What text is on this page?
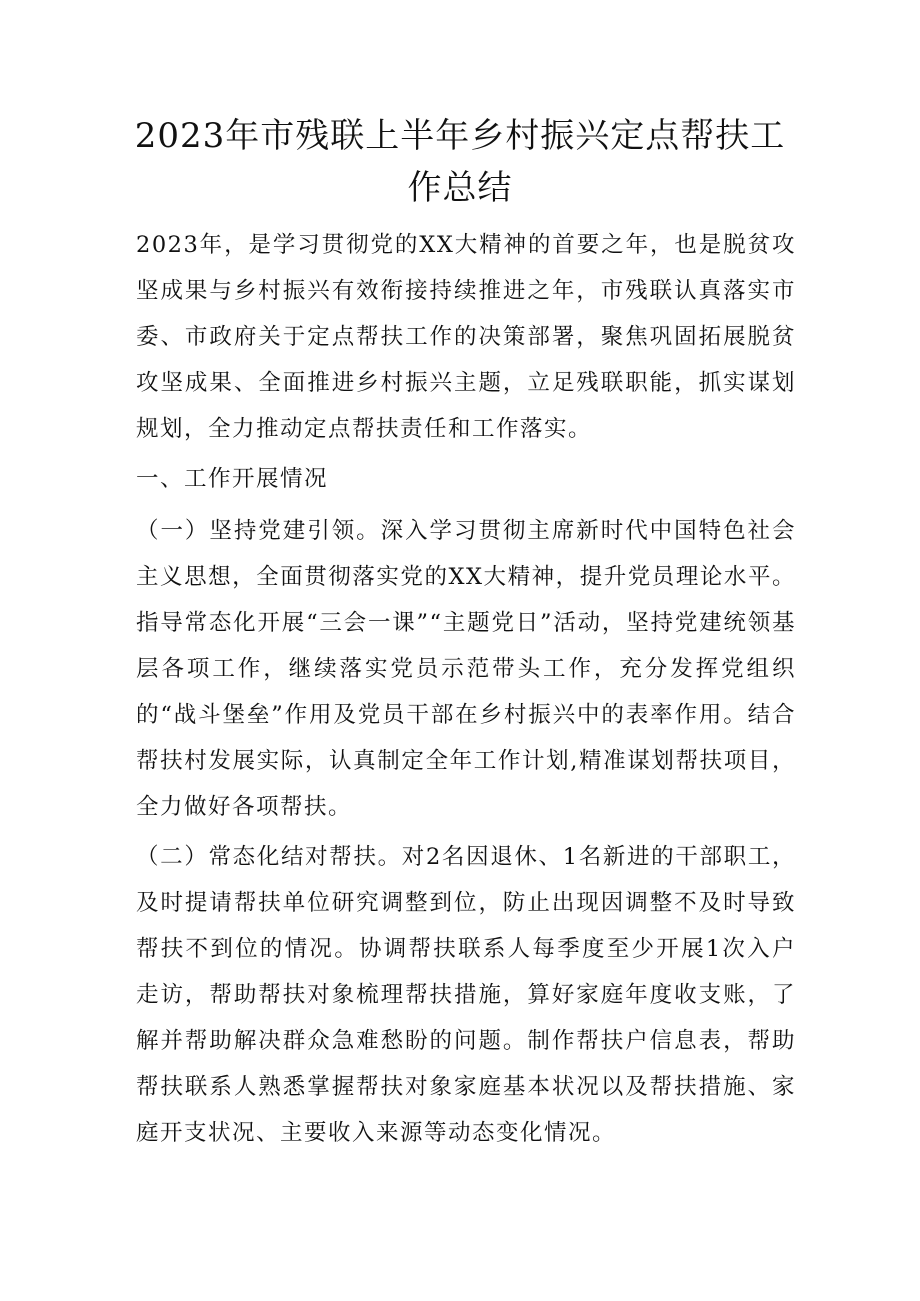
2023年市残联上半年乡村振兴定点帮扶工作总结

2023年，是学习贯彻党的XX大精神的首要之年，也是脱贫攻坚成果与乡村振兴有效衔接持续推进之年，市残联认真落实市委、市政府关于定点帮扶工作的决策部署，聚焦巩固拓展脱贫攻坚成果、全面推进乡村振兴主题，立足残联职能，抓实谋划规划，全力推动定点帮扶责任和工作落实。

一、工作开展情况

（一）坚持党建引领。深入学习贯彻主席新时代中国特色社会主义思想，全面贯彻落实党的XX大精神，提升党员理论水平。指导常态化开展“三会一课”“主题党日”活动，坚持党建统领基层各项工作，继续落实党员示范带头工作，充分发挥党组织的“战斗堡垒”作用及党员干部在乡村振兴中的表率作用。结合帮扶村发展实际，认真制定全年工作计划,精准谋划帮扶项目，全力做好各项帮扶。

（二）常态化结对帮扶。对2名因退休、1名新进的干部职工，及时提请帮扶单位研究调整到位，防止出现因调整不及时导致帮扶不到位的情况。协调帮扶联系人每季度至少开展1次入户走访，帮助帮扶对象梳理帮扶措施，算好家庭年度收支账，了解并帮助解决群众急难愁盼的问题。制作帮扶户信息表，帮助帮扶联系人熟悉掌握帮扶对象家庭基本状况以及帮扶措施、家庭开支状况、主要收入来源等动态变化情况。
